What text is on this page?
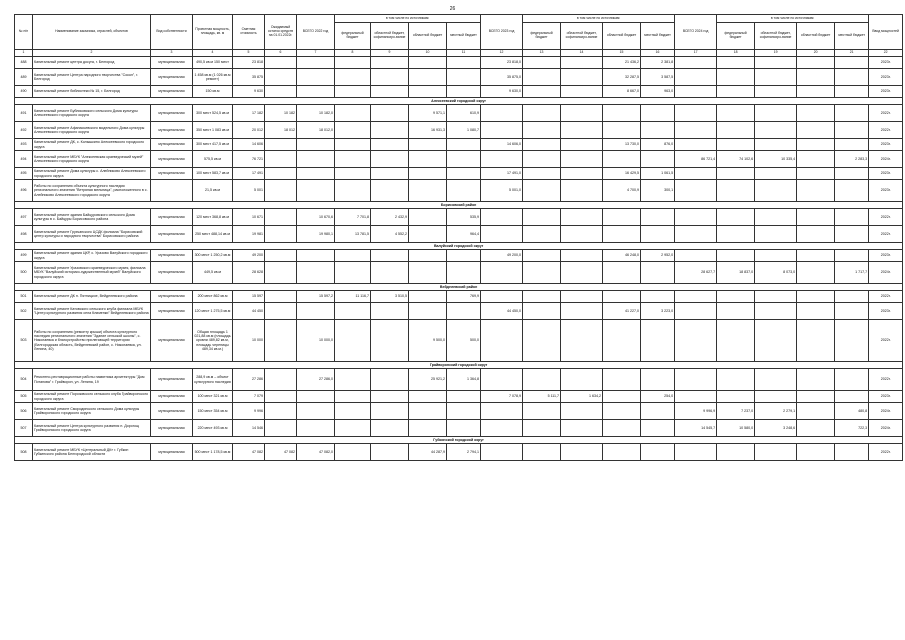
26
№ п/п	Наименование заказчика, отраслей, объектов	Вид собственности	Проектная мощность, площадь, кв. м	Сметная стоимость	Ожидаемый остаток средств на 01.01.2022г.	ВСЕГО 2022 год	в том числе по источникам:				ВСЕГО 2023 год	в том числе по источникам:				ВСЕГО 2024 год	в том числе по источникам:				Ввод мощностей
							федеральный бюджет	областной бюджет, софинансиро-вание	областной бюджет	местный бюджет		федеральный бюджет	областной бюджет, софинансиро-вание	областной бюджет	местный бюджет		федеральный бюджет	областной бюджет, софинансиро-вание	областной бюджет	местный бюджет	
1	2	3	4	5	6	7	8	9	10	11	12	13	14	15	16	17	18	19	20	21	22
488	Капитальный ремонт центра досуга, г. Белгород	муниципальная	490,5 кв.м 150 мест	23 818							23 818,0			21 436,2	2 381,8						2023г.
489	Капитальный ремонт Центра народного творчества "Сокол", г. Белгород	муниципальная	1 458 кв.м (1 026 кв.м ремонт)	35 875							35 875,0			32 287,5	3 587,5						2023г.
490	Капитальный ремонт библиотеки № 15, г. Белгород	муниципальная	150 кв.м	9 630							9 630,0			8 667,0	963,0						2023г.
Алексеевский городской округ																					
491	Капитальный ремонт Бубликовского сельского Дома культуры Алексеевского городского округа	муниципальная	300 мест 524,5 кв.м	17 182	10 182	10 182,0			9 571,1	610,9											2022г.
492	Капитальный ремонт Афанасьевского модельного Дома культуры Алексеевского городского округа	муниципальная	350 мест 1 083 кв.м	20 012	18 012	18 012,0			16 931,3	1 080,7											2022г.
493	Капитальный ремонт ДК, с. Колышкино Алексеевского городского округа	муниципальная	300 мест 417,5 кв.м	14 606							14 606,0			13 730,0	876,0						2023г.
494	Капитальный ремонт МБУК "Алексеевская краеведческий музей" Алексеевского городского округа	муниципальная	575,5 кв.м	76 721												86 721,4	74 102,6	10 335,4		2 283,3	2024г.
495	Капитальный ремонт Дома культуры с. Алейниково Алексеевского городского округа	муниципальная	100 мест 583,7 кв.м	17 491							17 491,0			16 429,5	1 061,5						2023г.
496	Работы по сохранению объекта культурного наследия регионального значения "Ветряная мельница", расположенного в с. Алейниково Алексеевского городского округа		21,5 кв.м	5 001							5 001,0			4 700,9	300,1						2023г.
Борисовский район																					
497	Капитальный ремонт здания Байцуровского сельского Дома культуры в с. Байцуры Борисовского района	муниципальная	120 мест 368,8 кв.м	10 671		10 670,6	7 701,8	2 432,9		535,9											2022г.
498	Капитальный ремонт Грузчанского ЦСДК филиала "Борисовский центр культуры и народного творчества" Борисовского района	муниципальная	250 мест 488,14 кв.м	19 981		19 980,1	13 781,5	4 552,2		964,4											2022г.
Валуйский городской округ																					
499	Капитальный ремонт здания ЦКР, с. Уразово Валуйского городского округа	муниципальная	300 мест 1 250,2 кв.м	49 200							49 200,0			46 248,0	2 952,0						2023г.
500	Капитальный ремонт Уразовского краеведческого музея, филиала МБУК "Валуйский историко-художественный музей" Валуйского городского округа	муниципальная	449,5 кв.м	28 628												28 627,7	18 837,0	8 073,0		1 717,7	2024г.
Вейделевский район																					
501	Капитальный ремонт ДК п. Пятницкое, Вейделевского района	муниципальная	200 мест 862 кв.м	15 597		15 597,2	11 116,7	3 510,5		769,9											2022г.
502	Капитальный ремонт Катовского сельского клуба филиала МБУК "Центр культурного развития села Клименки" Вейделевского района	муниципальная	120 мест 1 275,5 кв.м	44 450							44 450,0			41 227,0	3 223,0						2023г.
503	Работы по сохранению (ремонту крыши) объекта культурного наследия регионального значения "Здание сельской школы", с. Николаевка и благоустройство прилегающей территории (Белгородская область, Вейделевский район, с. Николаевка, ул. Ленина, 40)	муниципальная	Общая площадь 1 021,88 кв.м (площадь кровли 489,82 кв.м, площадь черепицы 489,34 кв.м.)	10 000		10 000,0			9 500,0	500,0											2022г.
Грайворонский городской округ																					
504	Ремонтно-реставрационные работы памятника архитектуры "Дом Потапова" г. Грайворон, ул. Ленина, 19	муниципальная	288,9 кв.м – объект культурного наследия	27 286		27 286,0			25 921,2	1 364,8											2022г.
505	Капитальный ремонт Порозовского сельского клуба Грайворонского городского округа	муниципальная	100 мест 321 кв.м	7 079							7 078,9	5 111,7	1 634,2		254,0						2023г.
506	Капитальный ремонт Смородинского сельского Дома культуры Грайворонского городского округа	муниципальная	150 мест 354 кв.м	9 996												9 996,9	7 237,0	2 279,1		480,8	2024г.
507	Капитальный ремонт Центра культурного развития п. Дорогощ Грайворонского городского округа	муниципальная	220 мест 493 кв.м	14 546												14 545,7	10 580,0	3 248,6		722,3	2024г.
Губкинский городской округ																					
508	Капитальный ремонт МБУК «Центральный ДК» г. Губкин Губкинского района Белгородской области	муниципальная	500 мест 1 178,5 кв.м	47 082	47 082	47 082,0			44 287,9	2 794,1											2022г.
